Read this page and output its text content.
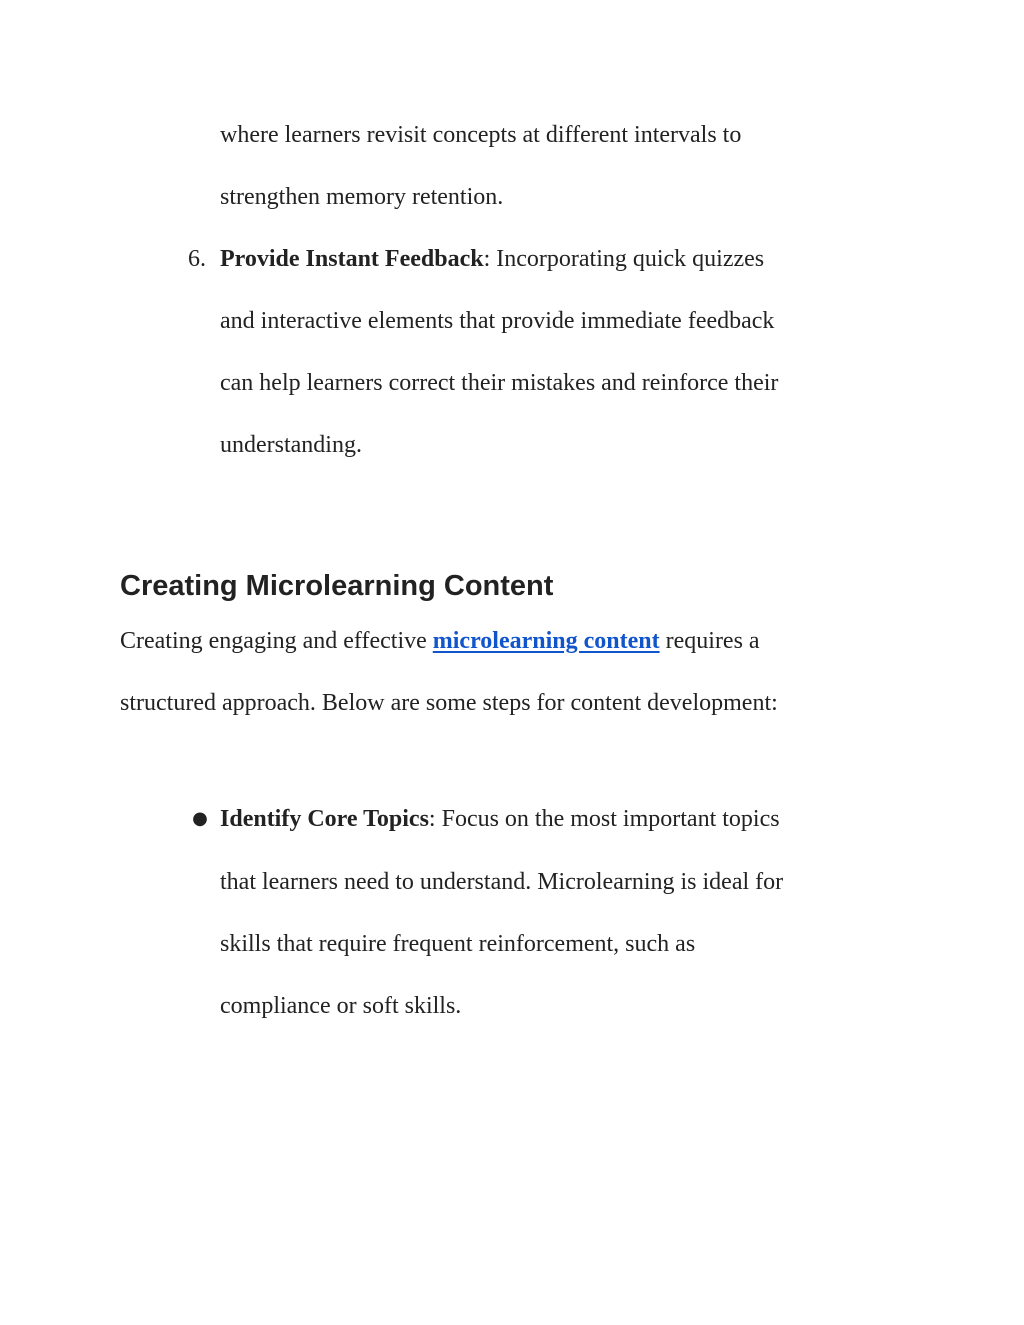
where learners revisit concepts at different intervals to
strengthen memory retention.
6. Provide Instant Feedback: Incorporating quick quizzes
and interactive elements that provide immediate feedback
can help learners correct their mistakes and reinforce their
understanding.
Creating Microlearning Content
Creating engaging and effective microlearning content requires a
structured approach. Below are some steps for content development:
● Identify Core Topics: Focus on the most important topics
that learners need to understand. Microlearning is ideal for
skills that require frequent reinforcement, such as
compliance or soft skills.
